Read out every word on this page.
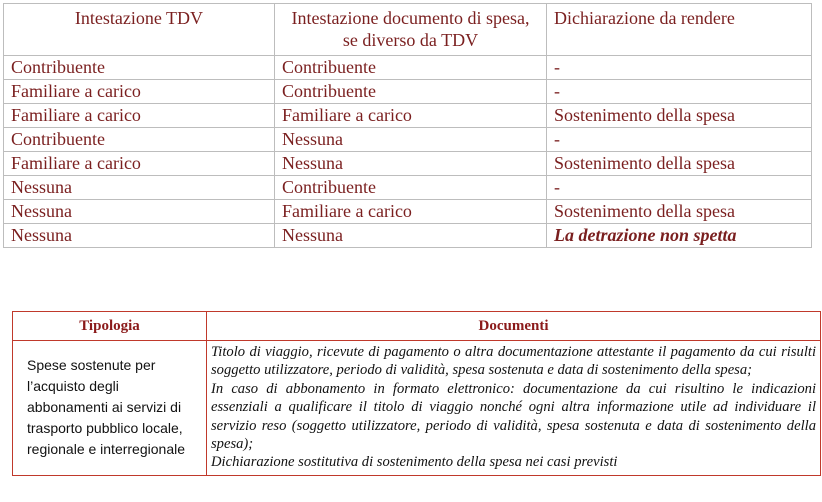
Intestazione TDV	Intestazione documento di spesa, se diverso da TDV	Dichiarazione da rendere
Contribuente	Contribuente	-
Familiare a carico	Contribuente	-
Familiare a carico	Familiare a carico	Sostenimento della spesa
Contribuente	Nessuna	-
Familiare a carico	Nessuna	Sostenimento della spesa
Nessuna	Contribuente	-
Nessuna	Familiare a carico	Sostenimento della spesa
Nessuna	Nessuna	La detrazione non spetta
Tipologia	Documenti
Spese sostenute per l’acquisto degli abbonamenti ai servizi di trasporto pubblico locale, regionale e interregionale	Titolo di viaggio, ricevute di pagamento o altra documentazione attestante il pagamento da cui risulti soggetto utilizzatore, periodo di validità, spesa sostenuta e data di sostenimento della spesa;
In caso di abbonamento in formato elettronico: documentazione da cui risultino le indicazioni essenziali a qualificare il titolo di viaggio nonché ogni altra informazione utile ad individuare il servizio reso (soggetto utilizzatore, periodo di validità, spesa sostenuta e data di sostenimento della spesa);
Dichiarazione sostitutiva di sostenimento della spesa nei casi previsti
